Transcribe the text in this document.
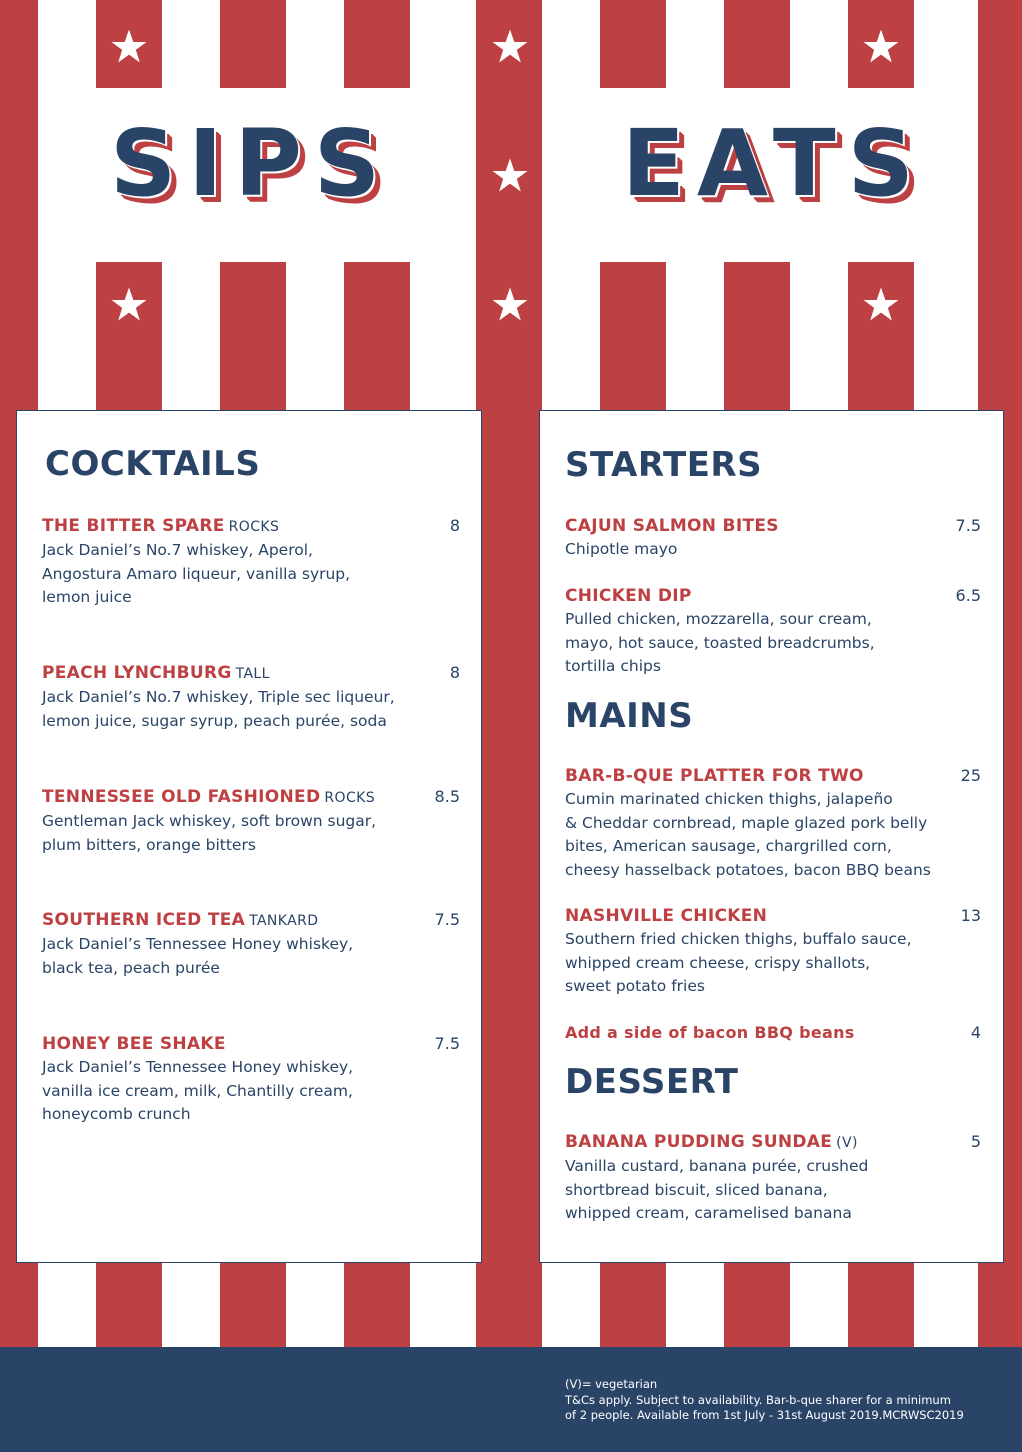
SIPS EATS
COCKTAILS
THE BITTER SPARE ROCKS	8
Jack Daniel’s No.7 whiskey, Aperol,
Angostura Amaro liqueur, vanilla syrup,
lemon juice
PEACH LYNCHBURG TALL	8
Jack Daniel’s No.7 whiskey, Triple sec liqueur,
lemon juice, sugar syrup, peach purée, soda
TENNESSEE OLD FASHIONED ROCKS	8.5
Gentleman Jack whiskey, soft brown sugar,
plum bitters, orange bitters
SOUTHERN ICED TEA TANKARD	7.5
Jack Daniel’s Tennessee Honey whiskey,
black tea, peach purée
HONEY BEE SHAKE	7.5
Jack Daniel’s Tennessee Honey whiskey,
vanilla ice cream, milk, Chantilly cream,
honeycomb crunch
STARTERS
CAJUN SALMON BITES	7.5
Chipotle mayo
CHICKEN DIP	6.5
Pulled chicken, mozzarella, sour cream,
mayo, hot sauce, toasted breadcrumbs,
tortilla chips
MAINS
BAR-B-QUE PLATTER FOR TWO	25
Cumin marinated chicken thighs, jalapeño
& Cheddar cornbread, maple glazed pork belly
bites, American sausage, chargrilled corn,
cheesy hasselback potatoes, bacon BBQ beans
NASHVILLE CHICKEN	13
Southern fried chicken thighs, buffalo sauce,
whipped cream cheese, crispy shallots,
sweet potato fries
Add a side of bacon BBQ beans	4
DESSERT
BANANA PUDDING SUNDAE (V)	5
Vanilla custard, banana purée, crushed
shortbread biscuit, sliced banana,
whipped cream, caramelised banana
(V)= vegetarian
T&Cs apply. Subject to availability. Bar-b-que sharer for a minimum
of 2 people. Available from 1st July - 31st August 2019.MCRWSC2019
